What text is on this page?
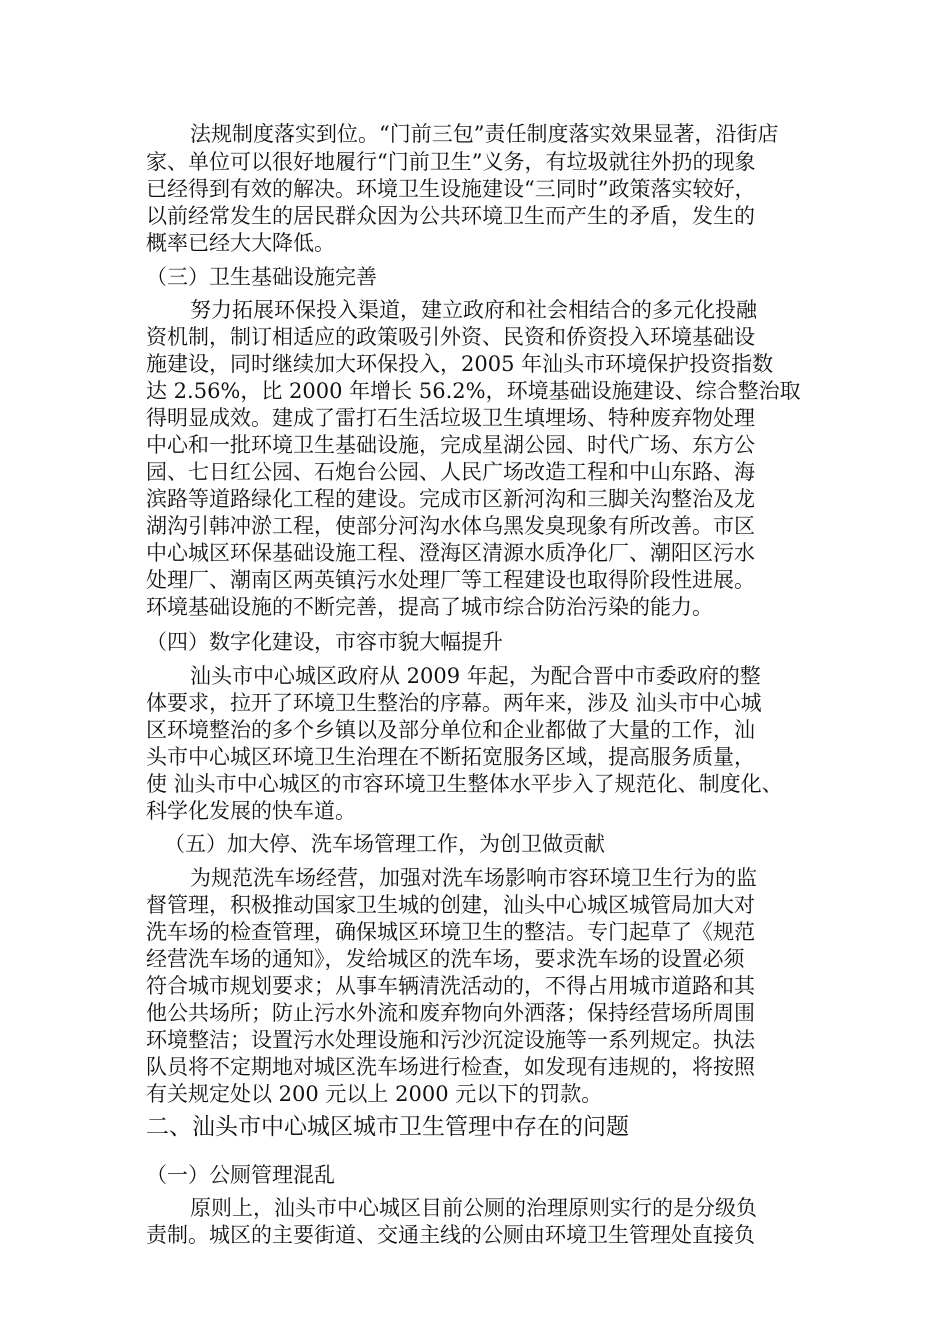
法规制度落实到位。“门前三包”责任制度落实效果显著，沿街店
家、单位可以很好地履行“门前卫生”义务，有垃圾就往外扔的现象
已经得到有效的解决。环境卫生设施建设“三同时”政策落实较好，
以前经常发生的居民群众因为公共环境卫生而产生的矛盾，发生的
概率已经大大降低。
（三）卫生基础设施完善
努力拓展环保投入渠道，建立政府和社会相结合的多元化投融
资机制，制订相适应的政策吸引外资、民资和侨资投入环境基础设
施建设，同时继续加大环保投入，2005 年汕头市环境保护投资指数
达 2.56%，比 2000 年增长 56.2%，环境基础设施建设、综合整治取
得明显成效。建成了雷打石生活垃圾卫生填埋场、特种废弃物处理
中心和一批环境卫生基础设施，完成星湖公园、时代广场、东方公
园、七日红公园、石炮台公园、人民广场改造工程和中山东路、海
滨路等道路绿化工程的建设。完成市区新河沟和三脚关沟整治及龙
湖沟引韩冲淤工程，使部分河沟水体乌黑发臭现象有所改善。市区
中心城区环保基础设施工程、澄海区清源水质净化厂、潮阳区污水
处理厂、潮南区两英镇污水处理厂等工程建设也取得阶段性进展。
环境基础设施的不断完善，提高了城市综合防治污染的能力。
（四）数字化建设，市容市貌大幅提升
汕头市中心城区政府从 2009 年起，为配合晋中市委政府的整
体要求，拉开了环境卫生整治的序幕。两年来，涉及 汕头市中心城
区环境整治的多个乡镇以及部分单位和企业都做了大量的工作，汕
头市中心城区环境卫生治理在不断拓宽服务区域，提高服务质量，
使 汕头市中心城区的市容环境卫生整体水平步入了规范化、制度化、
科学化发展的快车道。
（五）加大停、洗车场管理工作，为创卫做贡献
为规范洗车场经营，加强对洗车场影响市容环境卫生行为的监
督管理，积极推动国家卫生城的创建，汕头中心城区城管局加大对
洗车场的检查管理，确保城区环境卫生的整洁。专门起草了《规范
经营洗车场的通知》，发给城区的洗车场，要求洗车场的设置必须
符合城市规划要求；从事车辆清洗活动的，不得占用城市道路和其
他公共场所；防止污水外流和废弃物向外洒落；保持经营场所周围
环境整洁；设置污水处理设施和污沙沉淀设施等一系列规定。执法
队员将不定期地对城区洗车场进行检查，如发现有违规的，将按照
有关规定处以 200 元以上 2000 元以下的罚款。
二、汕头市中心城区城市卫生管理中存在的问题
（一）公厕管理混乱
原则上，汕头市中心城区目前公厕的治理原则实行的是分级负
责制。城区的主要街道、交通主线的公厕由环境卫生管理处直接负
